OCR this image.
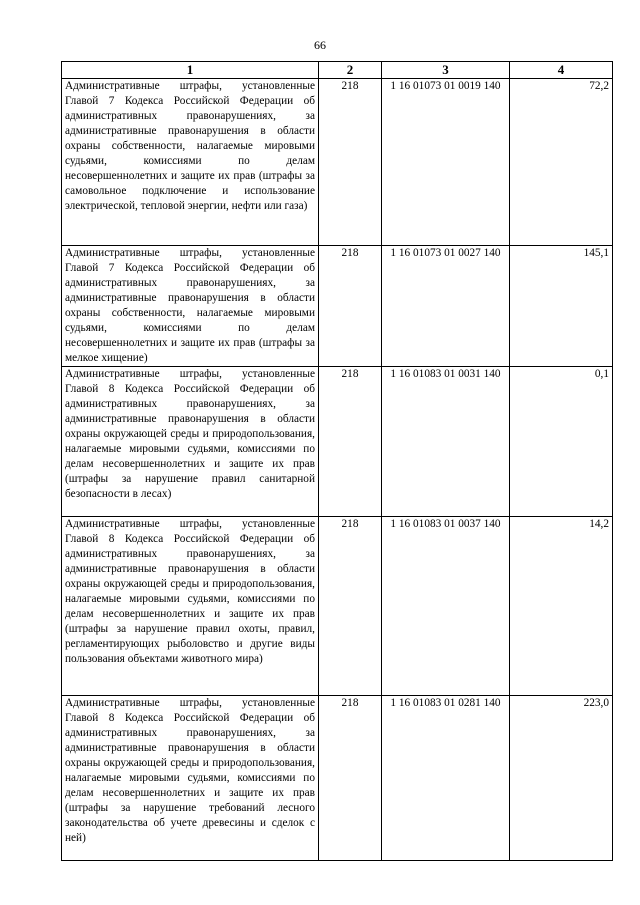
66
1	2	3	4
Административные штрафы, установленные Главой 7 Кодекса Российской Федерации об административных правонарушениях, за административные правонарушения в области охраны собственности, налагаемые мировыми судьями, комиссиями по делам несовершеннолетних и защите их прав (штрафы за самовольное подключение и использование электрической, тепловой энергии, нефти или газа)	218	1 16 01073 01 0019 140	72,2
Административные штрафы, установленные Главой 7 Кодекса Российской Федерации об административных правонарушениях, за административные правонарушения в области охраны собственности, налагаемые мировыми судьями, комиссиями по делам несовершеннолетних и защите их прав (штрафы за мелкое хищение)	218	1 16 01073 01 0027 140	145,1
Административные штрафы, установленные Главой 8 Кодекса Российской Федерации об административных правонарушениях, за административные правонарушения в области охраны окружающей среды и природопользования, налагаемые мировыми судьями, комиссиями по делам несовершеннолетних и защите их прав (штрафы за нарушение правил санитарной безопасности в лесах)	218	1 16 01083 01 0031 140	0,1
Административные штрафы, установленные Главой 8 Кодекса Российской Федерации об административных правонарушениях, за административные правонарушения в области охраны окружающей среды и природопользования, налагаемые мировыми судьями, комиссиями по делам несовершеннолетних и защите их прав (штрафы за нарушение правил охоты, правил, регламентирующих рыболовство и другие виды пользования объектами животного мира)	218	1 16 01083 01 0037 140	14,2
Административные штрафы, установленные Главой 8 Кодекса Российской Федерации об административных правонарушениях, за административные правонарушения в области охраны окружающей среды и природопользования, налагаемые мировыми судьями, комиссиями по делам несовершеннолетних и защите их прав (штрафы за нарушение требований лесного законодательства об учете древесины и сделок с ней)	218	1 16 01083 01 0281 140	223,0
